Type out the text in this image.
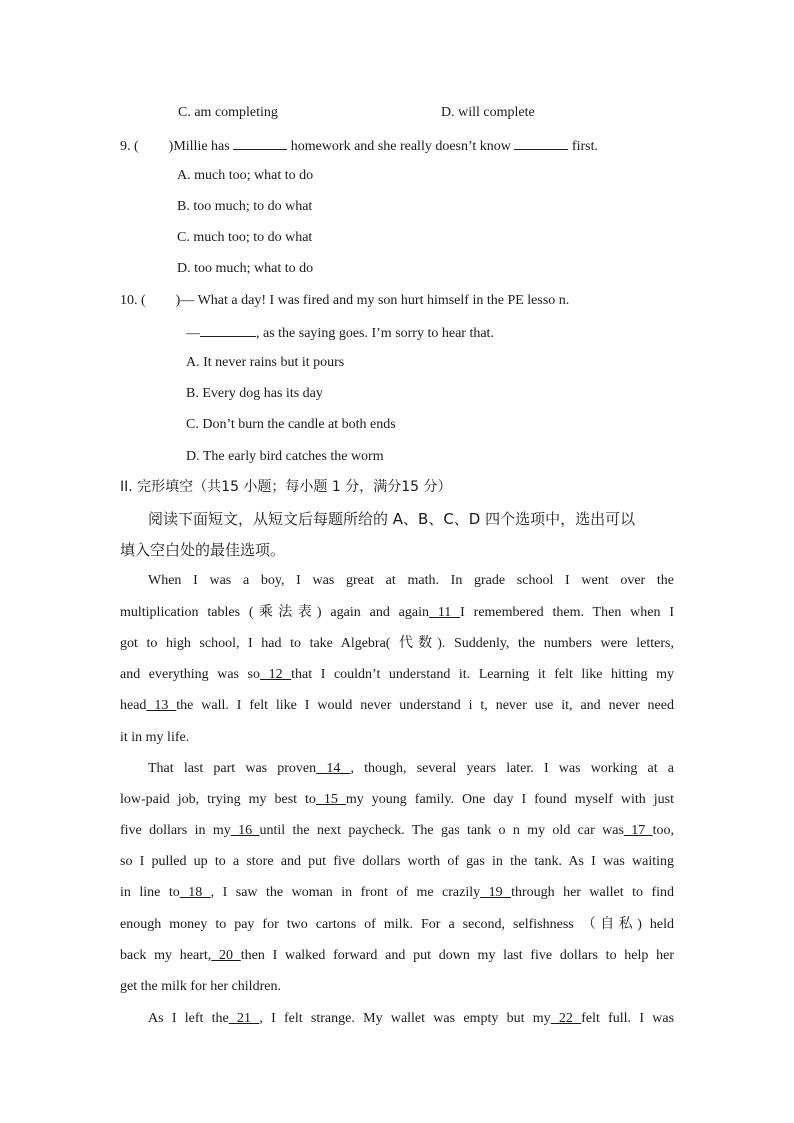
C. am completing	D. will complete
9. ( )Millie has	homework and she really doesn’t know	first.
A. much too; what to do
B. too much; to do what
C. much too; to do what
D. too much; what to do
10. ( )— What a day! I was fired and my son hurt himself in the PE lesso n.
—	, as the saying goes. I’m sorry to hear that.
A. It never rains but it pours
B. Every dog has its day
C. Don’t burn the candle at both ends
D. The early bird catches the worm
II. 完形填空（共15 小题；每小题 1 分，满分15 分）
阅读下面短文，从短文后每题所给的 A、B、C、D 四个选项中，选出可以
填入空白处的最佳选项。
When I was a boy, I was great at math. In grade school I went over the
multiplication tables (乘法表) again and again 11 I remembered them. Then when I
got to high school, I had to take Algebra( 代数). Suddenly, the numbers were letters,
and everything was so 12 that I couldn’t understand it. Learning it felt like hitting my
head 13 the wall. I felt like I would never understand i t, never use it, and never need
it in my life.
That last part was proven 14 , though, several years later. I was working at a
low-paid job, trying my best to 15 my young family. One day I found myself with just
five dollars in my 16 until the next paycheck. The gas tank o n my old car was 17 too,
so I pulled up to a store and put five dollars worth of gas in the tank. As I was waiting
in line to 18 , I saw the woman in front of me crazily 19 through her wallet to find
enough money to pay for two cartons of milk. For a second, selfishness （自私) held
back my heart, 20 then I walked forward and put down my last five dollars to help her
get the milk for her children.
As I left the 21 , I felt strange. My wallet was empty but my 22 felt full. I was
